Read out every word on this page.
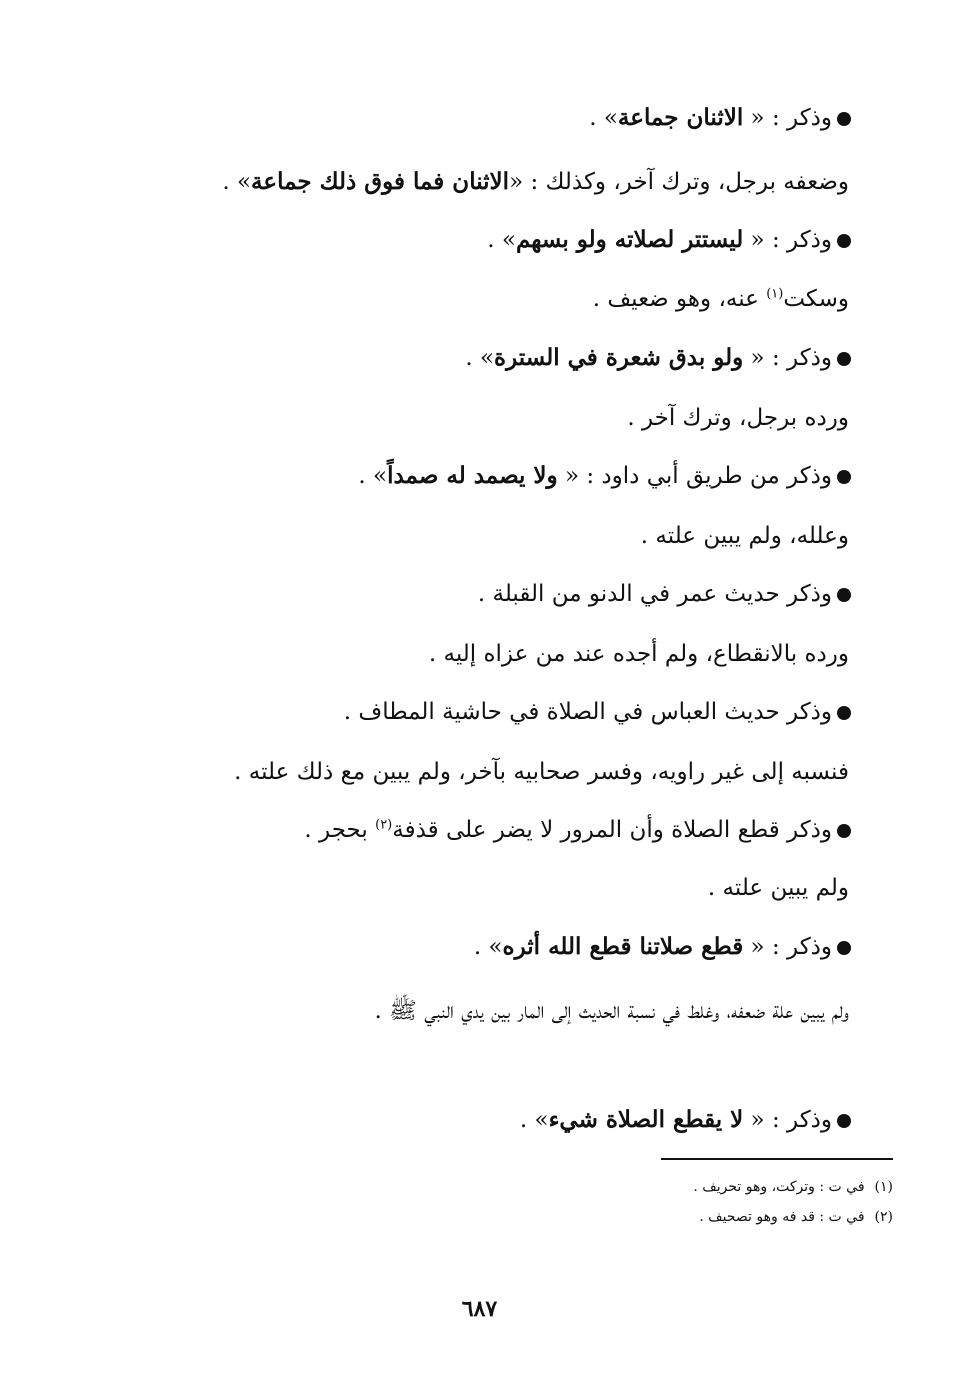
وذكر : « الاثنان جماعة» .
وضعفه برجل، وترك آخر، وكذلك : «الاثنان فما فوق ذلك جماعة» .
وذكر : « ليستتر لصلاته ولو بسهم» .
وسكت$^{(١)}$ عنه، وهو ضعيف .
وذكر : « ولو بدق شعرة في السترة» .
ورده برجل، وترك آخر .
وذكر من طريق أبي داود : « ولا يصمد له صمداً» .
وعلله، ولم يبين علته .
وذكر حديث عمر في الدنو من القبلة .
ورده بالانقطاع، ولم أجده عند من عزاه إليه .
وذكر حديث العباس في الصلاة في حاشية المطاف .
فنسبه إلى غير راويه، وفسر صحابيه بآخر، ولم يبين مع ذلك علته .
وذكر قطع الصلاة وأن المرور لا يضر على قذفة$^{(٢)}$ بحجر .
ولم يبين علته .
وذكر : « قطع صلاتنا قطع الله أثره» .
ولم يبين علة ضعفه، وغلط في نسبة الحديث إلى المار بين يدي النبي ﷺ .
وذكر : « لا يقطع الصلاة شيء» .
(١)في ت : وتركت، وهو تحريف .
(٢)في ت : قد فه وهو تصحيف .
٦٨٧
